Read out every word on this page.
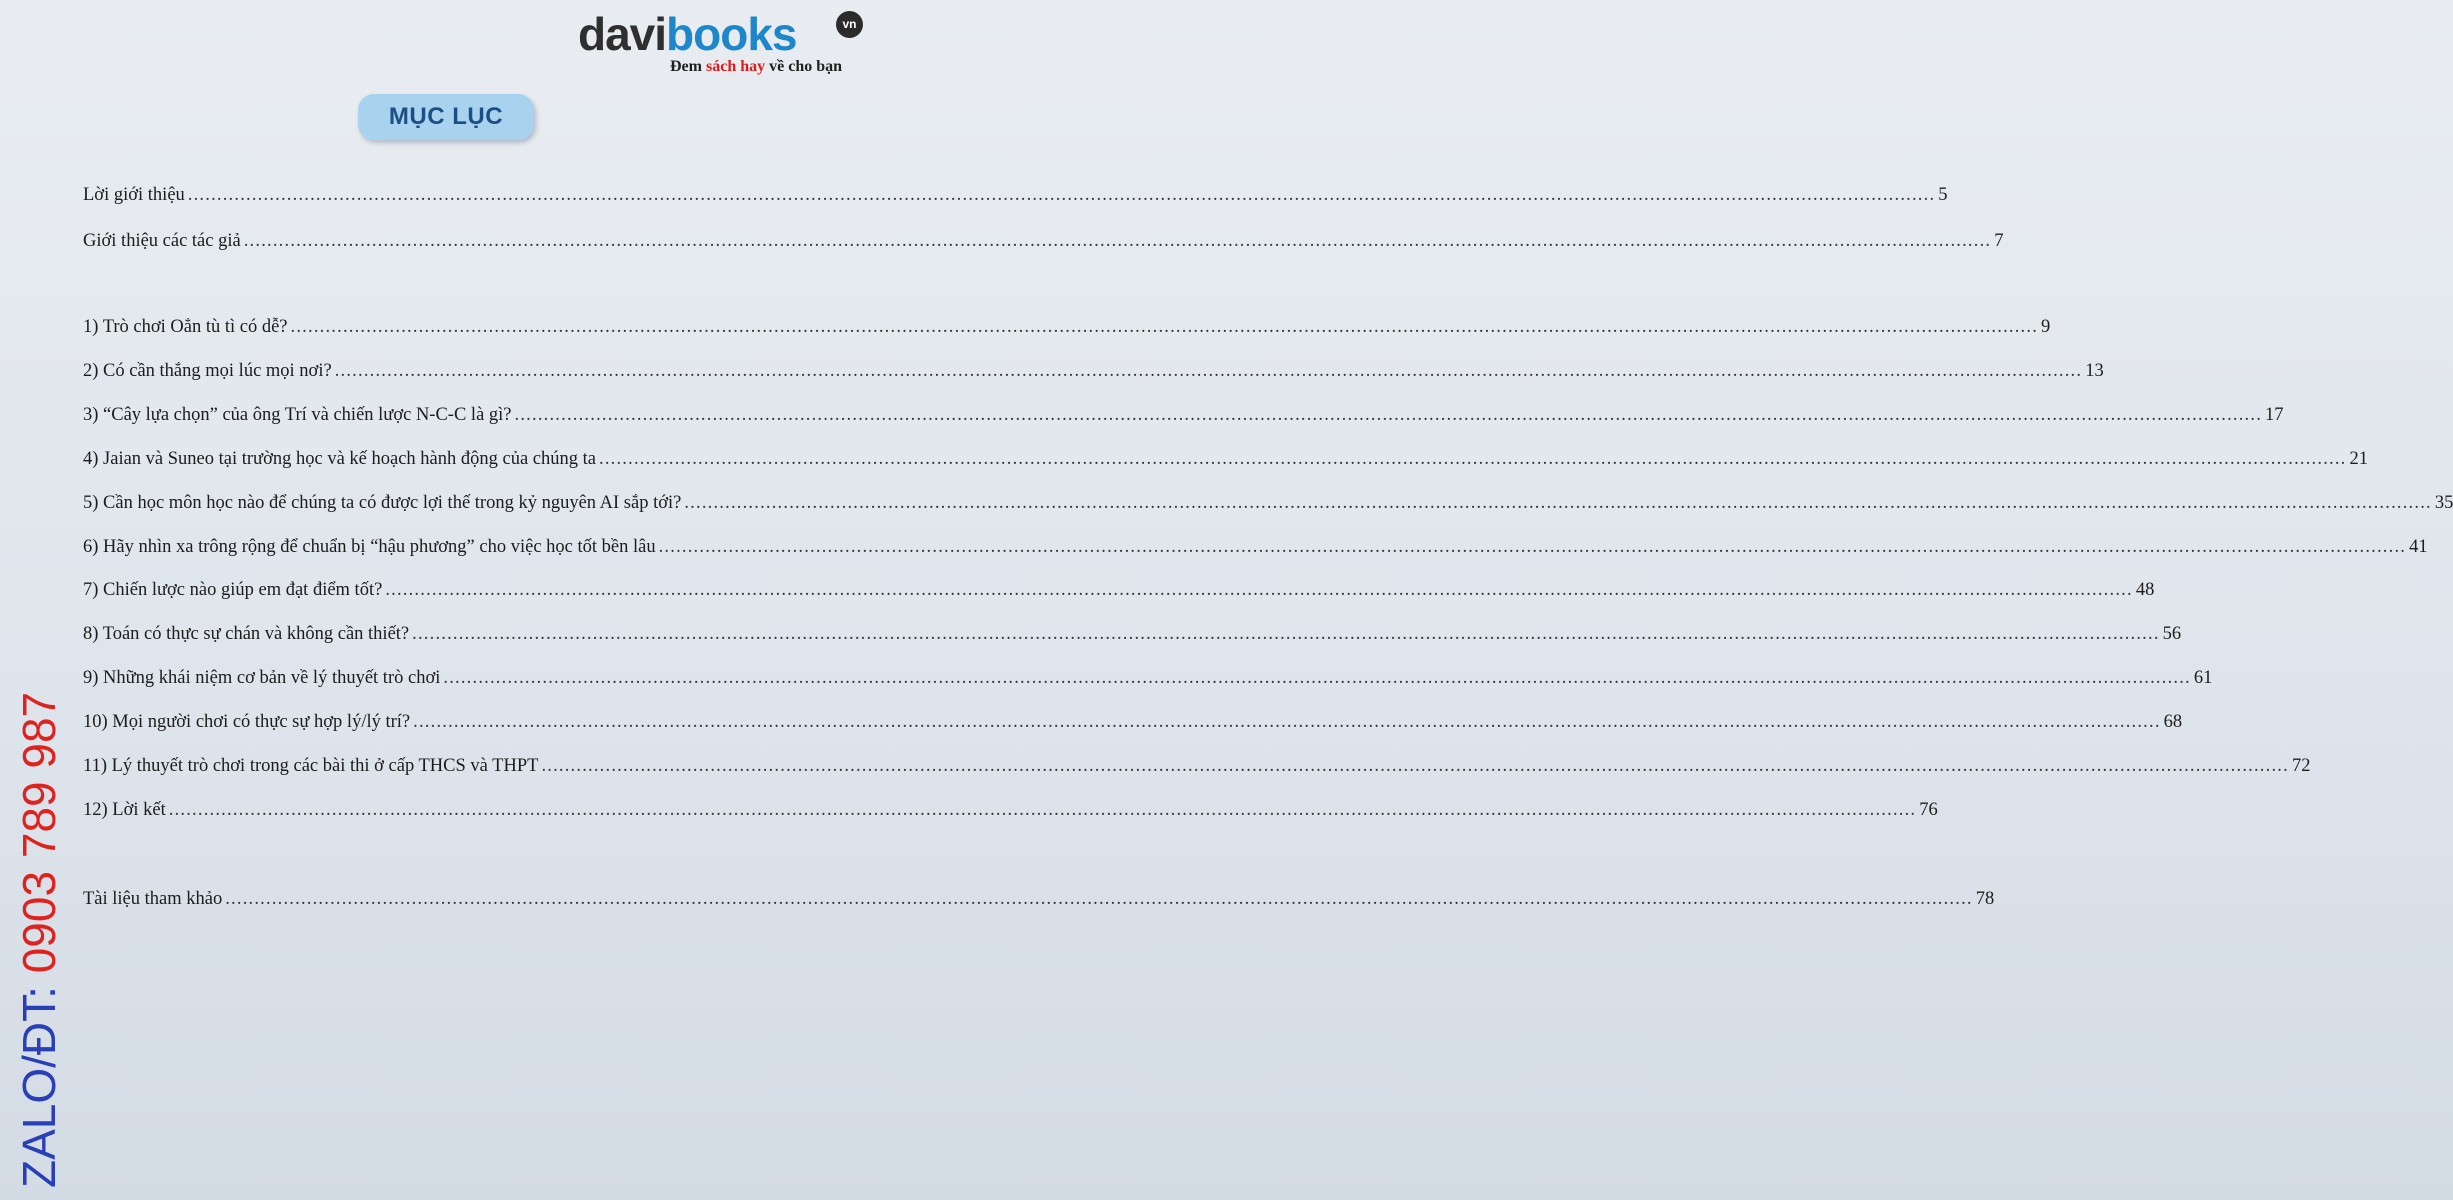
davibooks	vn
Đem sách hay về cho bạn
MỤC LỤC
ZALO/ĐT: 0903 789 987
Lời giới thiệu ............................................................................................................................................................................................................................................................................................................ 5
Giới thiệu các tác giả ............................................................................................................................................................................................................................................................................................................ 7
1) Trò chơi Oẳn tù tì có dễ? ............................................................................................................................................................................................................................................................................................................ 9
2) Có cần thắng mọi lúc mọi nơi? ............................................................................................................................................................................................................................................................................................................ 13
3) “Cây lựa chọn” của ông Trí và chiến lược N-C-C là gì? ............................................................................................................................................................................................................................................................................................................ 17
4) Jaian và Suneo tại trường học và kế hoạch hành động của chúng ta ............................................................................................................................................................................................................................................................................................................ 21
5) Cần học môn học nào để chúng ta có được lợi thế trong kỷ nguyên AI sắp tới? ............................................................................................................................................................................................................................................................................................................ 35
6) Hãy nhìn xa trông rộng để chuẩn bị “hậu phương” cho việc học tốt bền lâu ............................................................................................................................................................................................................................................................................................................ 41
7) Chiến lược nào giúp em đạt điểm tốt? ............................................................................................................................................................................................................................................................................................................ 48
8) Toán có thực sự chán và không cần thiết? ............................................................................................................................................................................................................................................................................................................ 56
9) Những khái niệm cơ bản về lý thuyết trò chơi ............................................................................................................................................................................................................................................................................................................ 61
10) Mọi người chơi có thực sự hợp lý/lý trí? ............................................................................................................................................................................................................................................................................................................ 68
11) Lý thuyết trò chơi trong các bài thi ở cấp THCS và THPT ............................................................................................................................................................................................................................................................................................................ 72
12) Lời kết ............................................................................................................................................................................................................................................................................................................ 76
Tài liệu tham khảo ............................................................................................................................................................................................................................................................................................................ 78
